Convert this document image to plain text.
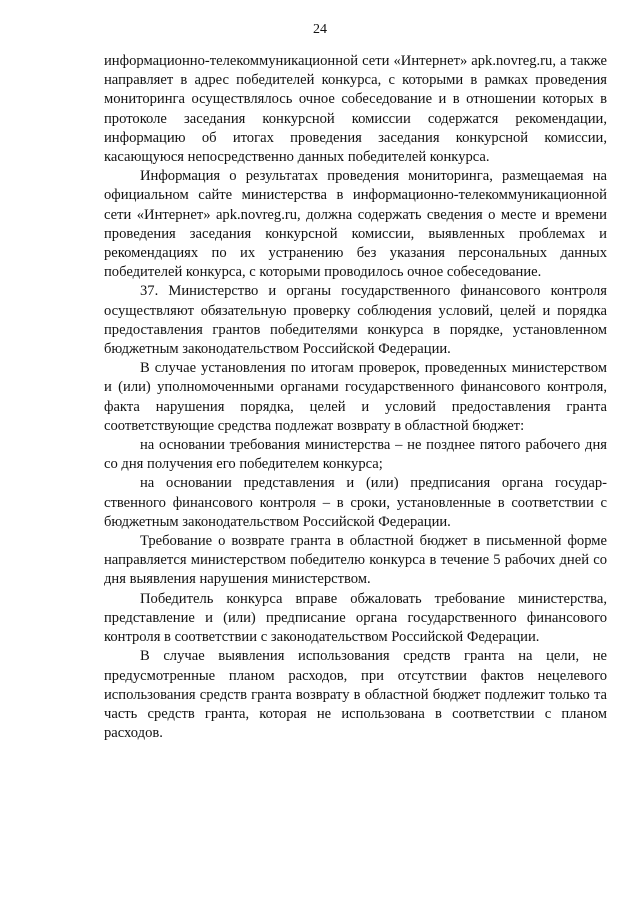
24

информационно-телекоммуникационной сети «Интернет» apk.novreg.ru, а также направляет в адрес победителей конкурса, с которыми в рамках проведения мониторинга осуществлялось очное собеседование и в отношении которых в протоколе заседания конкурсной комиссии содержатся рекомендации, информацию об итогах проведения заседания конкурсной комиссии, касающуюся непосредственно данных победителей конкурса.

Информация о результатах проведения мониторинга, размещаемая на официальном сайте министерства в информационно-телекоммуникационной сети «Интернет» apk.novreg.ru, должна содержать сведения о месте и времени проведения заседания конкурсной комиссии, выявленных проблемах и рекомендациях по их устранению без указания персональных данных победителей конкурса, с которыми проводилось очное собеседование.

37. Министерство и органы государственного финансового контроля осуществляют обязательную проверку соблюдения условий, целей и порядка предоставления грантов победителями конкурса в порядке, установленном бюджетным законодательством Российской Федерации.

В случае установления по итогам проверок, проведенных министерством и (или) уполномоченными органами государственного финансового контроля, факта нарушения порядка, целей и условий предоставления гранта соответствующие средства подлежат возврату в областной бюджет:

на основании требования министерства – не позднее пятого рабочего дня со дня получения его победителем конкурса;

на основании представления и (или) предписания органа государственного финансового контроля – в сроки, установленные в соответствии с бюджетным законодательством Российской Федерации.

Требование о возврате гранта в областной бюджет в письменной форме направляется министерством победителю конкурса в течение 5 рабочих дней со дня выявления нарушения министерством.

Победитель конкурса вправе обжаловать требование министерства, представление и (или) предписание органа государственного финансового контроля в соответствии с законодательством Российской Федерации.

В случае выявления использования средств гранта на цели, не предусмотренные планом расходов, при отсутствии фактов нецелевого использования средств гранта возврату в областной бюджет подлежит только та часть средств гранта, которая не использована в соответствии с планом расходов.
